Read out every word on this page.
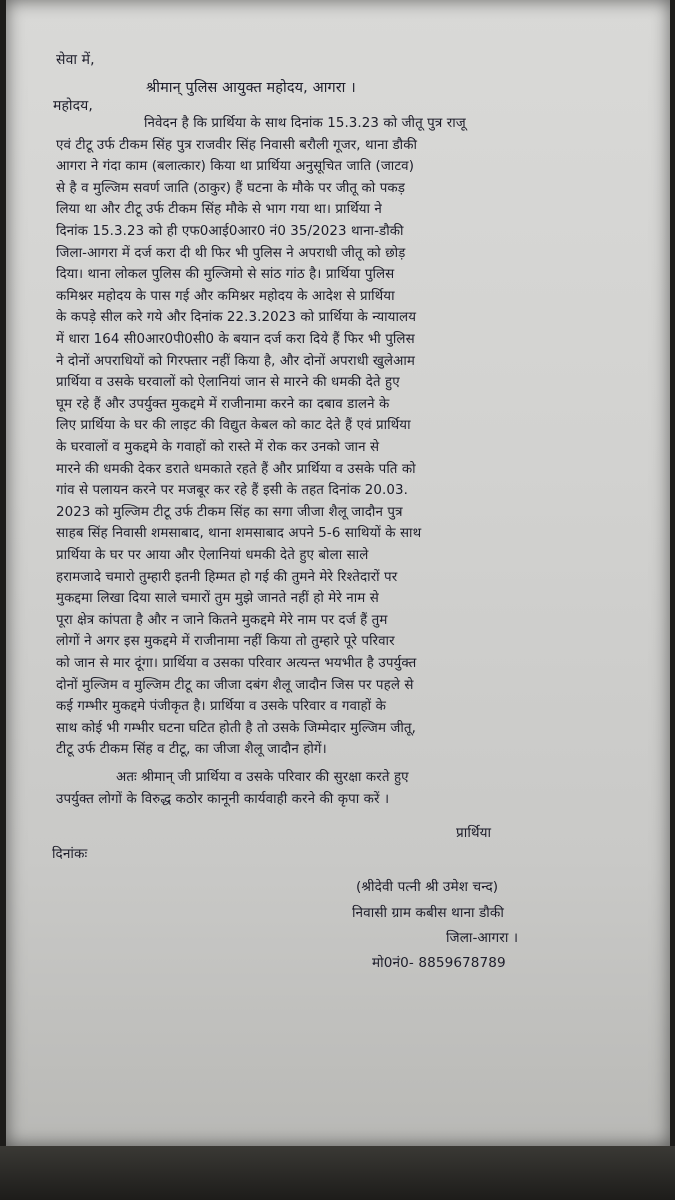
सेवा में,
श्रीमान् पुलिस आयुक्त महोदय, आगरा ।
महोदय,
निवेदन है कि प्रार्थिया के साथ दिनांक 15.3.23 को जीतू पुत्र राजू
एवं टीटू उर्फ टीकम सिंह पुत्र राजवीर सिंह निवासी बरौली गूजर, थाना डौकी
आगरा ने गंदा काम (बलात्कार) किया था प्रार्थिया अनुसूचित जाति (जाटव)
से है व मुल्जिम सवर्ण जाति (ठाकुर) हैं घटना के मौके पर जीतू को पकड़
लिया था और टीटू उर्फ टीकम सिंह मौके से भाग गया था। प्रार्थिया ने
दिनांक 15.3.23 को ही एफ0आई0आर0 नं0 35/2023 थाना-डौकी
जिला-आगरा में दर्ज करा दी थी फिर भी पुलिस ने अपराधी जीतू को छोड़
दिया। थाना लोकल पुलिस की मुल्जिमो से सांठ गांठ है। प्रार्थिया पुलिस
कमिश्नर महोदय के पास गई और कमिश्नर महोदय के आदेश से प्रार्थिया
के कपड़े सील करे गये और दिनांक 22.3.2023 को प्रार्थिया के न्यायालय
में धारा 164 सी0आर0पी0सी0 के बयान दर्ज करा दिये हैं फिर भी पुलिस
ने दोनों अपराधियों को गिरफ्तार नहीं किया है, और दोनों अपराधी खुलेआम
प्रार्थिया व उसके घरवालों को ऐलानियां जान से मारने की धमकी देते हुए
घूम रहे हैं और उपर्युक्त मुकद्दमे में राजीनामा करने का दबाव डालने के
लिए प्रार्थिया के घर की लाइट की विद्युत केबल को काट देते हैं एवं प्रार्थिया
के घरवालों व मुकद्दमे के गवाहों को रास्ते में रोक कर उनको जान से
मारने की धमकी देकर डराते धमकाते रहते हैं और प्रार्थिया व उसके पति को
गांव से पलायन करने पर मजबूर कर रहे हैं इसी के तहत दिनांक 20.03.
2023 को मुल्जिम टीटू उर्फ टीकम सिंह का सगा जीजा शैलू जादौन पुत्र
साहब सिंह निवासी शमसाबाद, थाना शमसाबाद अपने 5-6 साथियों के साथ
प्रार्थिया के घर पर आया और ऐलानियां धमकी देते हुए बोला साले
हरामजादे चमारो तुम्हारी इतनी हिम्मत हो गई की तुमने मेरे रिश्तेदारों पर
मुकद्दमा लिखा दिया साले चमारों तुम मुझे जानते नहीं हो मेरे नाम से
पूरा क्षेत्र कांपता है और न जाने कितने मुकद्दमे मेरे नाम पर दर्ज हैं तुम
लोगों ने अगर इस मुकद्दमे में राजीनामा नहीं किया तो तुम्हारे पूरे परिवार
को जान से मार दूंगा। प्रार्थिया व उसका परिवार अत्यन्त भयभीत है उपर्युक्त
दोनों मुल्जिम व मुल्जिम टीटू का जीजा दबंग शैलू जादौन जिस पर पहले से
कई गम्भीर मुकद्दमे पंजीकृत है। प्रार्थिया व उसके परिवार व गवाहों के
साथ कोई भी गम्भीर घटना घटित होती है तो उसके जिम्मेदार मुल्जिम जीतू,
टीटू उर्फ टीकम सिंह व टीटू, का जीजा शैलू जादौन होगें।
अतः श्रीमान् जी प्रार्थिया व उसके परिवार की सुरक्षा करते हुए
उपर्युक्त लोगों के विरुद्ध कठोर कानूनी कार्यवाही करने की कृपा करें ।
प्रार्थिया
दिनांकः
(श्रीदेवी पत्नी श्री उमेश चन्द)
निवासी ग्राम कबीस थाना डौकी
जिला-आगरा ।
मो0नं0- 8859678789
